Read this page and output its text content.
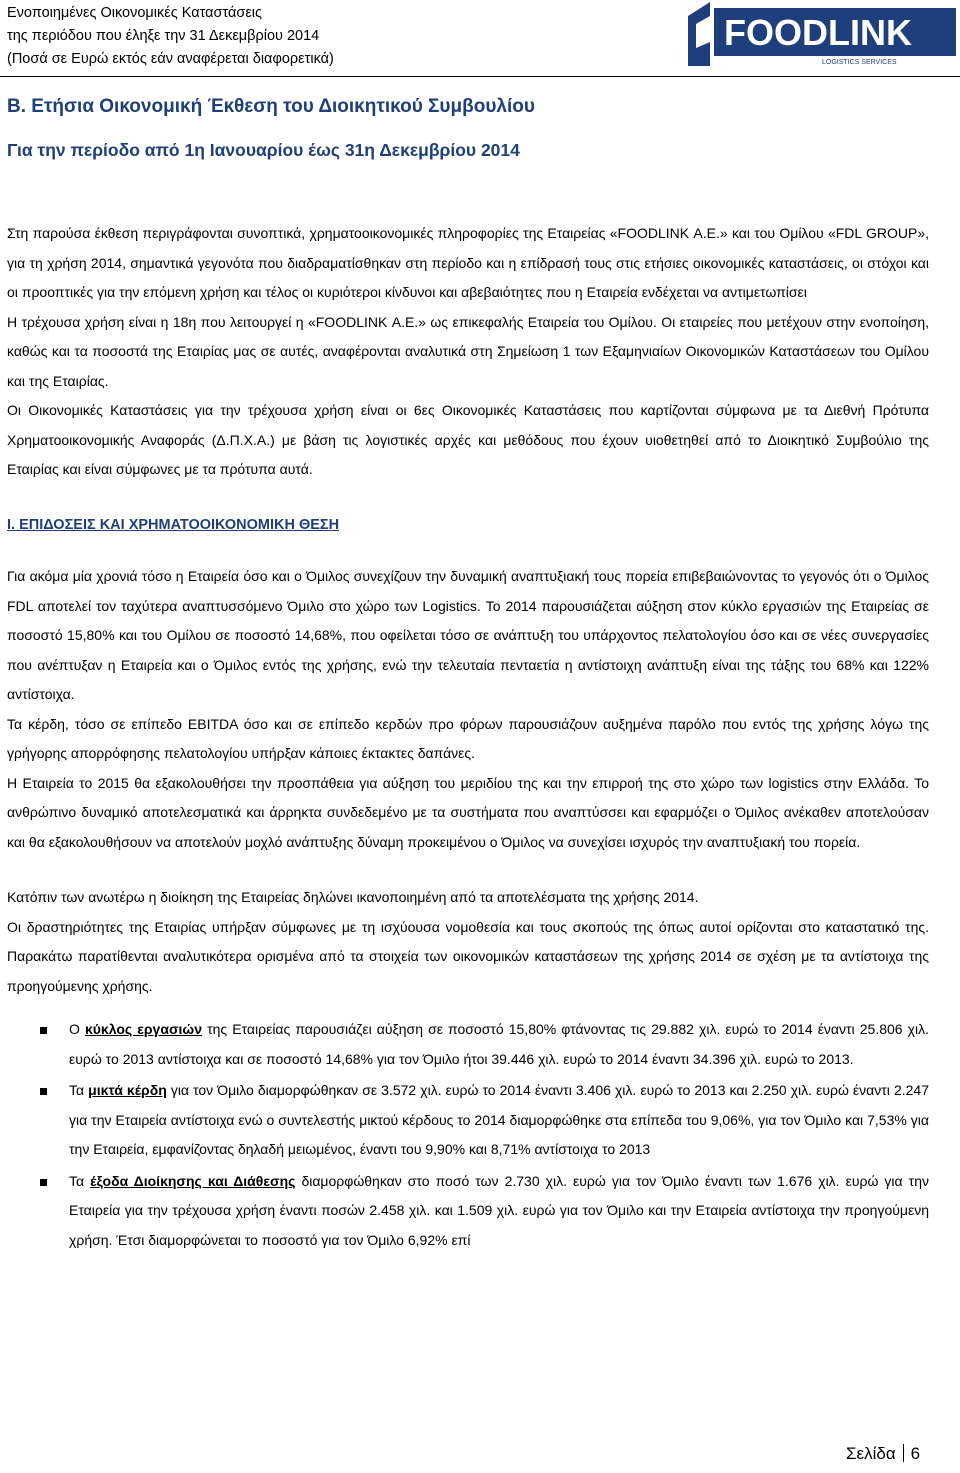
Ενοποιημένες Οικονομικές Καταστάσεις
της περιόδου που έληξε την 31 Δεκεμβρίου 2014
(Ποσά σε Ευρώ εκτός εάν αναφέρεται διαφορετικά)
FOODLINK
LOGISTICS SERVICES
Β. Ετήσια Οικονομική Έκθεση του Διοικητικού Συμβουλίου
Για την περίοδο από 1η Ιανουαρίου έως 31η Δεκεμβρίου 2014

Στη παρούσα έκθεση περιγράφονται συνοπτικά, χρηματοοικονομικές πληροφορίες της Εταιρείας «FOODLINK Α.Ε.» και του Ομίλου «FDL GROUP», για τη χρήση 2014, σημαντικά γεγονότα που διαδραματίσθηκαν στη περίοδο και η επίδρασή τους στις ετήσιες οικονομικές καταστάσεις, οι στόχοι και οι προοπτικές για την επόμενη χρήση και τέλος οι κυριότεροι κίνδυνοι και αβεβαιότητες που η Εταιρεία ενδέχεται να αντιμετωπίσει

Η τρέχουσα χρήση είναι η 18η που λειτουργεί η «FOODLINK Α.Ε.» ως επικεφαλής Εταιρεία του Ομίλου. Οι εταιρείες που μετέχουν στην ενοποίηση, καθώς και τα ποσοστά της Εταιρίας μας σε αυτές, αναφέρονται αναλυτικά στη Σημείωση 1 των Εξαμηνιαίων Οικονομικών Καταστάσεων του Ομίλου και της Εταιρίας.

Οι Οικονομικές Καταστάσεις για την τρέχουσα χρήση είναι οι 6ες Οικονομικές Καταστάσεις που καρτίζονται σύμφωνα με τα Διεθνή Πρότυπα Χρηματοοικονομικής Αναφοράς (Δ.Π.Χ.Α.) με βάση τις λογιστικές αρχές και μεθόδους που έχουν υιοθετηθεί από το Διοικητικό Συμβούλιο της Εταιρίας και είναι σύμφωνες με τα πρότυπα αυτά.

Ι. ΕΠΙΔΟΣΕΙΣ ΚΑΙ ΧΡΗΜΑΤΟΟΙΚΟΝΟΜΙΚΗ ΘΕΣΗ

Για ακόμα μία χρονιά τόσο η Εταιρεία όσο και ο Όμιλος συνεχίζουν την δυναμική αναπτυξιακή τους πορεία επιβεβαιώνοντας το γεγονός ότι ο Όμιλος FDL αποτελεί τον ταχύτερα αναπτυσσόμενο Όμιλο στο χώρο των Logistics. Το 2014 παρουσιάζεται αύξηση στον κύκλο εργασιών της Εταιρείας σε ποσοστό 15,80% και του Ομίλου σε ποσοστό 14,68%, που οφείλεται τόσο σε ανάπτυξη του υπάρχοντος πελατολογίου όσο και σε νέες συνεργασίες που ανέπτυξαν η Εταιρεία και ο Όμιλος εντός της χρήσης, ενώ την τελευταία πενταετία η αντίστοιχη ανάπτυξη είναι της τάξης του 68% και 122% αντίστοιχα.

Τα κέρδη, τόσο σε επίπεδο EBITDA όσο και σε επίπεδο κερδών προ φόρων παρουσιάζουν αυξημένα παρόλο που εντός της χρήσης λόγω της γρήγορης απορρόφησης πελατολογίου υπήρξαν κάποιες έκτακτες δαπάνες.

Η Εταιρεία το 2015 θα εξακολουθήσει την προσπάθεια για αύξηση του μεριδίου της και την επιρροή της στο χώρο των logistics στην Ελλάδα. Το ανθρώπινο δυναμικό αποτελεσματικά και άρρηκτα συνδεδεμένο με τα συστήματα που αναπτύσσει και εφαρμόζει ο Όμιλος ανέκαθεν αποτελούσαν και θα εξακολουθήσουν να αποτελούν μοχλό ανάπτυξης δύναμη προκειμένου ο Όμιλος να συνεχίσει ισχυρός την αναπτυξιακή του πορεία.

Κατόπιν των ανωτέρω η διοίκηση της Εταιρείας δηλώνει ικανοποιημένη από τα αποτελέσματα της χρήσης 2014.

Οι δραστηριότητες της Εταιρίας υπήρξαν σύμφωνες με τη ισχύουσα νομοθεσία και τους σκοπούς της όπως αυτοί ορίζονται στο καταστατικό της. Παρακάτω παρατίθενται αναλυτικότερα ορισμένα από τα στοιχεία των οικονομικών καταστάσεων της χρήσης 2014 σε σχέση με τα αντίστοιχα της προηγούμενης χρήσης.

Ο κύκλος εργασιών της Εταιρείας παρουσιάζει αύξηση σε ποσοστό 15,80% φτάνοντας τις 29.882 χιλ. ευρώ το 2014 έναντι 25.806 χιλ. ευρώ το 2013 αντίστοιχα και σε ποσοστό 14,68% για τον Όμιλο ήτοι 39.446 χιλ. ευρώ το 2014 έναντι 34.396 χιλ. ευρώ το 2013.
Τα μικτά κέρδη για τον Όμιλο διαμορφώθηκαν σε 3.572 χιλ. ευρώ το 2014 έναντι 3.406 χιλ. ευρώ το 2013 και 2.250 χιλ. ευρώ έναντι 2.247 για την Εταιρεία αντίστοιχα ενώ ο συντελεστής μικτού κέρδους το 2014 διαμορφώθηκε στα επίπεδα του 9,06%, για τον Όμιλο και 7,53% για την Εταιρεία, εμφανίζοντας δηλαδή μειωμένος, έναντι του 9,90% και 8,71% αντίστοιχα το 2013
Τα έξοδα Διοίκησης και Διάθεσης διαμορφώθηκαν στο ποσό των 2.730 χιλ. ευρώ για τον Όμιλο έναντι των 1.676 χιλ. ευρώ για την Εταιρεία για την τρέχουσα χρήση έναντι ποσών 2.458 χιλ. και 1.509 χιλ. ευρώ για τον Όμιλο και την Εταιρεία αντίστοιχα την προηγούμενη χρήση. Έτσι διαμορφώνεται το ποσοστό για τον Όμιλο 6,92% επί
Σελίδα 6
